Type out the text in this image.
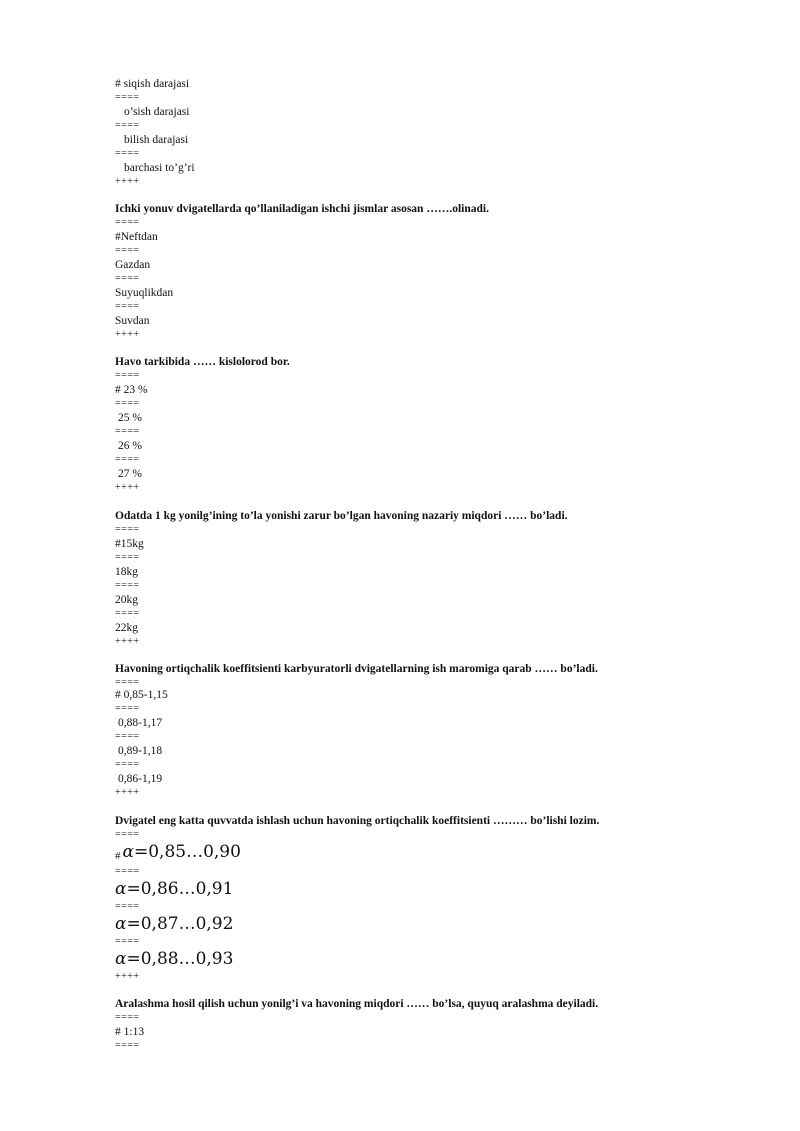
# siqish darajasi
====
o’sish darajasi
====
bilish darajasi
====
barchasi to’g’ri
++++
Ichki yonuv dvigatellarda qo’llaniladigan ishchi jismlar asosan …….olinadi.
====
#Neftdan
====
Gazdan
====
Suyuqlikdan
====
Suvdan
++++
Havo tarkibida …… kislolorod bor.
====
# 23 %
====
25 %
====
26 %
====
27 %
++++
Odatda 1 kg yonilg’ining to’la yonishi zarur bo’lgan havoning nazariy miqdori …… bo’ladi.
====
#15kg
====
18kg
====
20kg
====
22kg
++++
Havoning ortiqchalik koeffitsienti karbyuratorli dvigatellarning ish maromiga qarab …… bo’ladi.
====
# 0,85-1,15
====
0,88-1,17
====
0,89-1,18
====
0,86-1,19
++++
Dvigatel eng katta quvvatda ishlash uchun havoning ortiqchalik koeffitsienti ……… bo’lishi lozim.
====
# α=0,85…0,90
====
α=0,86…0,91
====
α=0,87…0,92
====
α=0,88…0,93
++++
Aralashma hosil qilish uchun yonilg’i va havoning miqdori …… bo’lsa, quyuq aralashma deyiladi.
====
# 1:13
====
